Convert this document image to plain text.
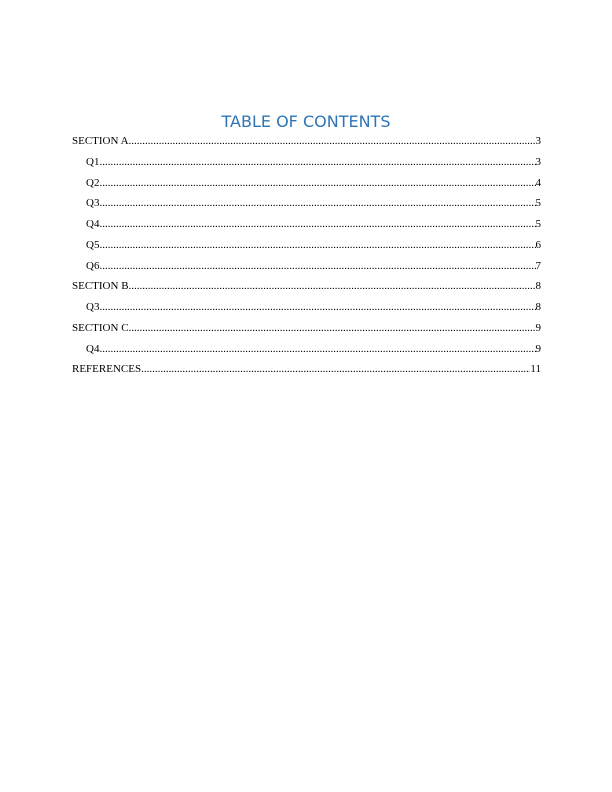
TABLE OF CONTENTS
SECTION A .....	3
Q1 .....	3
Q2 .....	4
Q3 .....	5
Q4 .....	5
Q5 .....	6
Q6 .....	7
SECTION B .....	8
Q3 .....	8
SECTION C .....	9
Q4 .....	9
REFERENCES .....	11
